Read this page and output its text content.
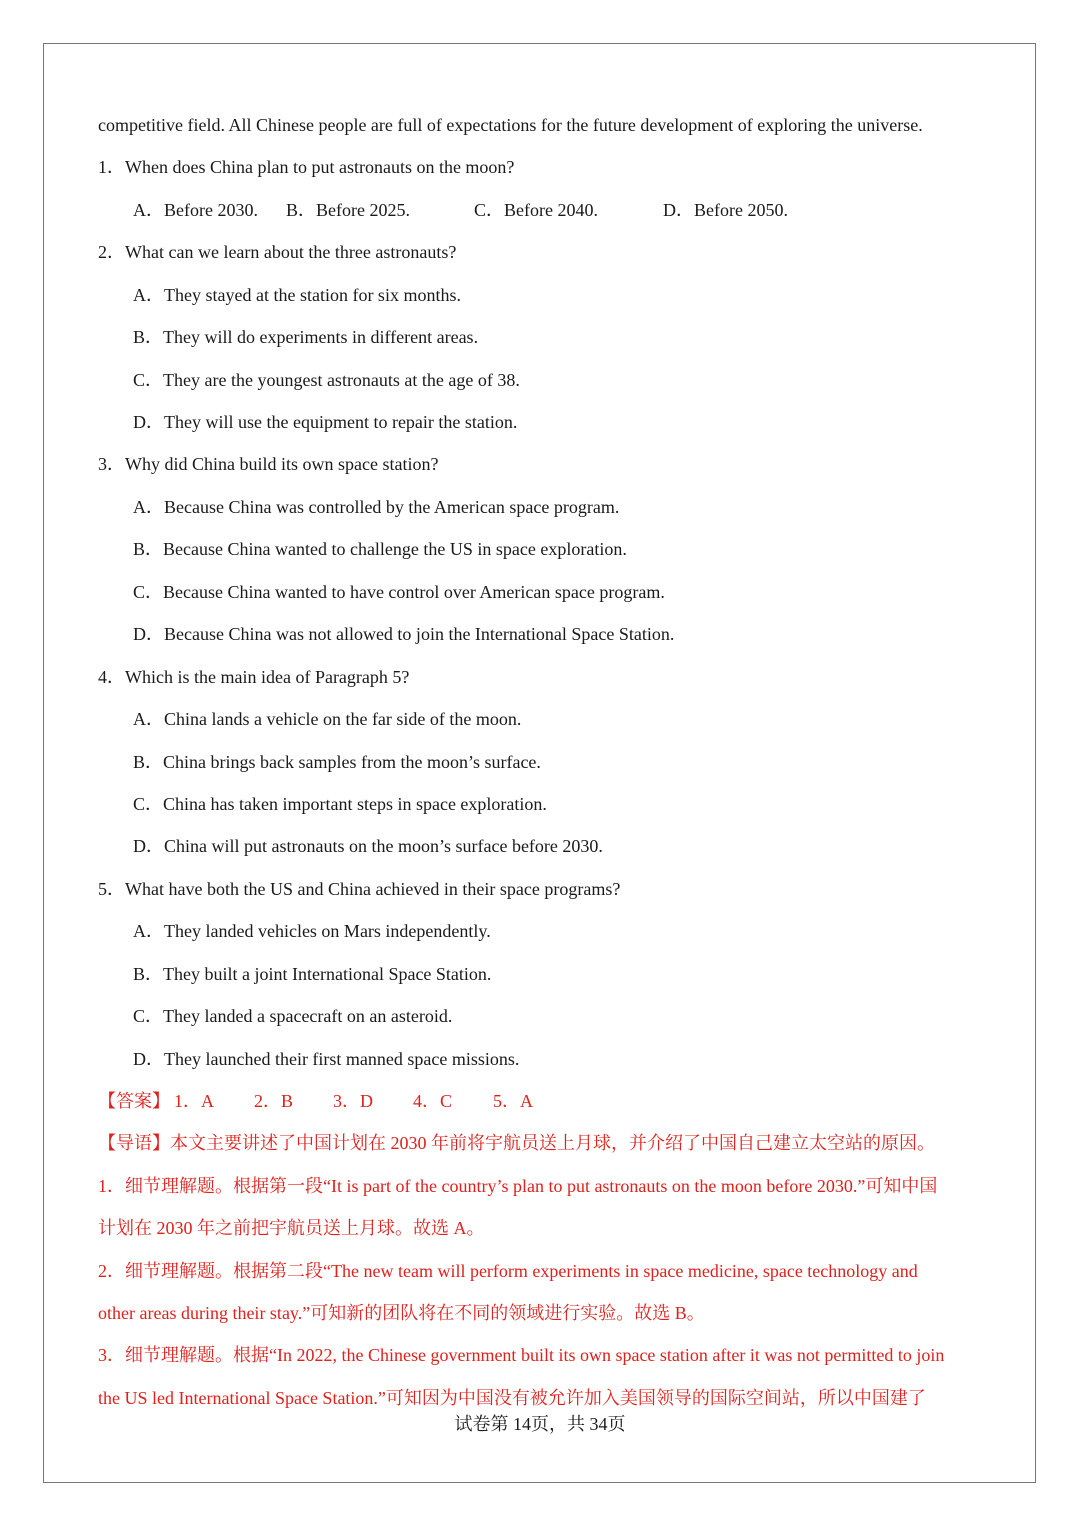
competitive field. All Chinese people are full of expectations for the future development of exploring the universe.
1．When does China plan to put astronauts on the moon?
A．Before 2030. B．Before 2025.	C．Before 2040.	D．Before 2050.
2．What can we learn about the three astronauts?
A．They stayed at the station for six months.
B．They will do experiments in different areas.
C．They are the youngest astronauts at the age of 38.
D．They will use the equipment to repair the station.
3．Why did China build its own space station?
A．Because China was controlled by the American space program.
B．Because China wanted to challenge the US in space exploration.
C．Because China wanted to have control over American space program.
D．Because China was not allowed to join the International Space Station.
4．Which is the main idea of Paragraph 5?
A．China lands a vehicle on the far side of the moon.
B．China brings back samples from the moon’s surface.
C．China has taken important steps in space exploration.
D．China will put astronauts on the moon’s surface before 2030.
5．What have both the US and China achieved in their space programs?
A．They landed vehicles on Mars independently.
B．They built a joint International Space Station.
C．They landed a spacecraft on an asteroid.
D．They launched their first manned space missions.
【答案】 1．A 2．B 3．D 4．C 5．A
【导语】本文主要讲述了中国计划在 2030 年前将宇航员送上月球，并介绍了中国自己建立太空站的原因。
1．细节理解题。根据第一段“It is part of the country’s plan to put astronauts on the moon before 2030.”可知中国
计划在 2030 年之前把宇航员送上月球。故选 A。
2．细节理解题。根据第二段“The new team will perform experiments in space medicine, space technology and
other areas during their stay.”可知新的团队将在不同的领域进行实验。故选 B。
3．细节理解题。根据“In 2022, the Chinese government built its own space station after it was not permitted to join
the US led International Space Station.”可知因为中国没有被允许加入美国领导的国际空间站，所以中国建了
试卷第 14页，共 34页
